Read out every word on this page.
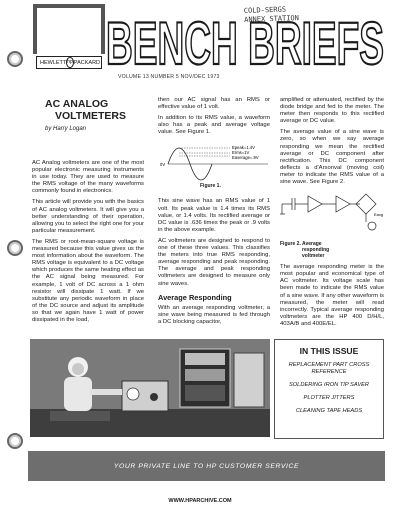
HEWLETT hp PACKARD BENCH BRIEFS
COLD-SERGS
ANNEX STATION
VOLUME 13 NUMBER 5 NOV/DEC 1973
AC ANALOG
VOLTMETERS
by Harry Logan

AC Analog voltmeters are one of the most popular electronic measuring instruments in use today. They are used to measure the RMS voltage of the many waveforms commonly found in electronics.

This article will provide you with the basics of AC analog voltmeters. It will give you a better understanding of their operation, allowing you to select the right one for your particular measurement.

The RMS or root-mean-square voltage is measured because this value gives us the most information about the waveform. The RMS voltage is equivalent to a DC voltage which produces the same heating effect as the AC signal being measured. For example, 1 volt of DC across a 1 ohm resistor will dissipate 1 watt. If we substitute any periodic waveform in place of the DC source and adjust its amplitude so that we again have 1 watt of power dissipated in the load,

then our AC signal has an RMS or effective value of 1 volt.

In addition to its RMS value, a waveform also has a peak and average voltage value. See Figure 1.

This sine wave has an RMS value of 1 volt. Its peak value is 1.4 times its RMS value, or 1.4 volts. Its rectified average or DC value is .636 times the peak or .9 volts in the above example.

AC voltmeters are designed to respond to one of these three values. This classifies the meters into true RMS responding, average responding and peak responding. The average and peak responding voltmeters are designed to measure only sine waves.

Average Responding

With an average responding voltmeter, a sine wave being measured is fed through a DC blocking capacitor,

Epeak=1.4V
Erms=1V
Eaverage=.9V
0V
Figure 1.

amplified or attenuated, rectified by the diode bridge and fed to the meter. The meter then responds to this rectified average or DC value.

The average value of a sine wave is zero, so when we say average responding we mean the rectified average or DC component after rectification. This DC component deflects a d'Arsonval (moving coil) meter to indicate the RMS value of a sine wave. See Figure 2.

The average responding meter is the most popular and economical type of AC voltmeter. Its voltage scale has been made to indicate the RMS value of a sine wave. If any other waveform is measured, the meter will read incorrectly. Typical average responding voltmeters are the HP 400 D/H/L, 403A/B and 400E/EL.

Eavg
Figure 2. Average
responding
voltmeter
IN THIS ISSUE
REPLACEMENT PART CROSS REFERENCE
SOLDERING IRON TIP SAVER
PLOTTER JITTERS
CLEANING TAPE HEADS
YOUR PRIVATE LINE TO HP CUSTOMER SERVICE
WWW.HPARCHIVE.COM
